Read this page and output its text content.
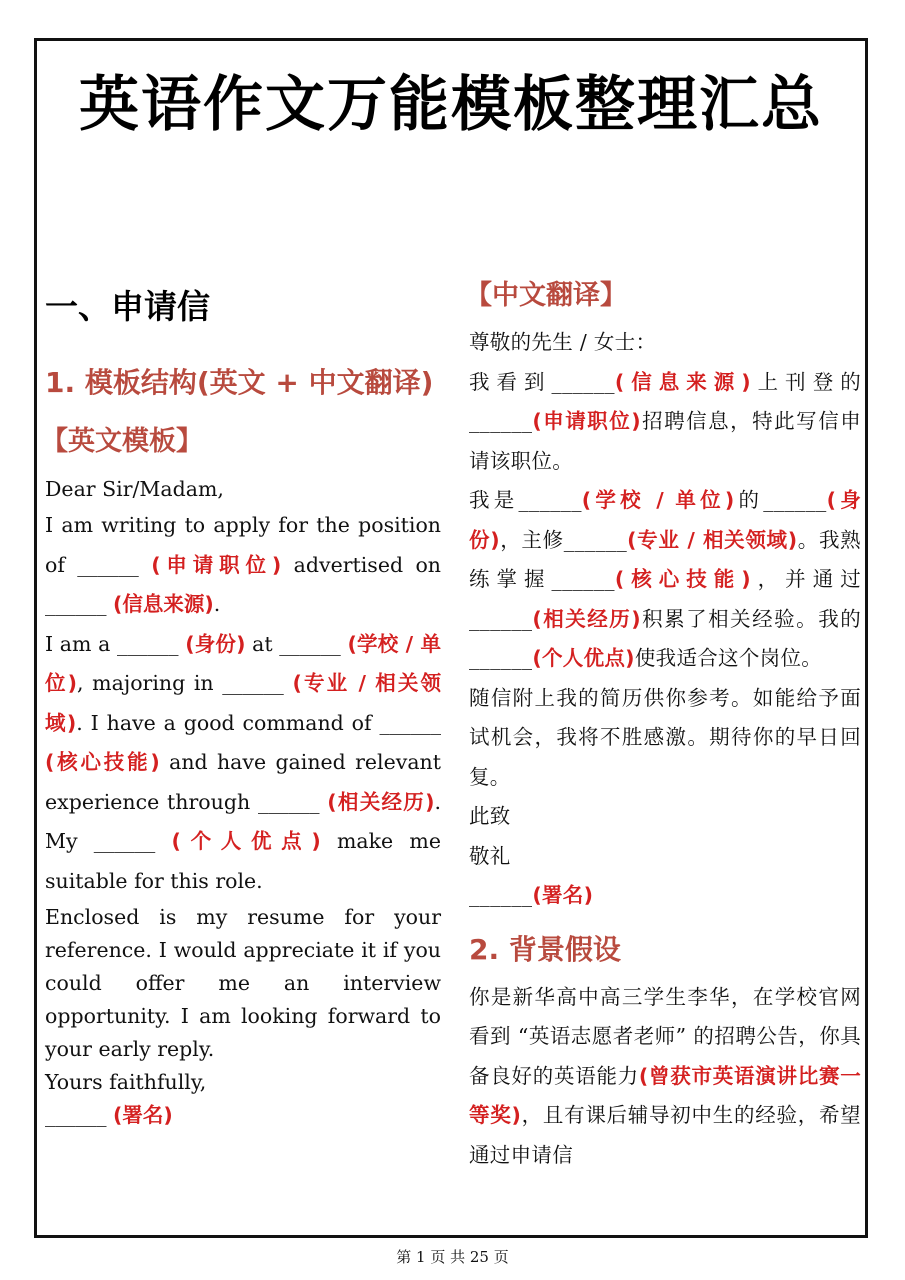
英语作文万能模板整理汇总
一、申请信
1. 模板结构(英文 + 中文翻译)
【英文模板】
Dear Sir/Madam,
I am writing to apply for the position of ______ (申请职位) advertised on ______ (信息来源).
I am a ______ (身份) at ______ (学校 / 单位), majoring in ______ (专业 / 相关领域). I have a good command of ______ (核心技能) and have gained relevant experience through ______ (相关经历). My ______ (个人优点) make me suitable for this role.
Enclosed is my resume for your reference. I would appreciate it if you could offer me an interview opportunity. I am looking forward to your early reply.
Yours faithfully,
______ (署名)
【中文翻译】
尊敬的先生 / 女士：
我看到______(信息来源)上刊登的______(申请职位)招聘信息，特此写信申请该职位。
我是______(学校 / 单位)的______(身份)，主修______(专业 / 相关领域)。我熟练掌握______(核心技能)，并通过______(相关经历)积累了相关经验。我的______(个人优点)使我适合这个岗位。
随信附上我的简历供你参考。如能给予面试机会，我将不胜感激。期待你的早日回复。
此致
敬礼
______(署名)
2. 背景假设
你是新华高中高三学生李华，在学校官网看到 “英语志愿者老师” 的招聘公告，你具备良好的英语能力(曾获市英语演讲比赛一等奖)，且有课后辅导初中生的经验，希望通过申请信
第 1 页 共 25 页
